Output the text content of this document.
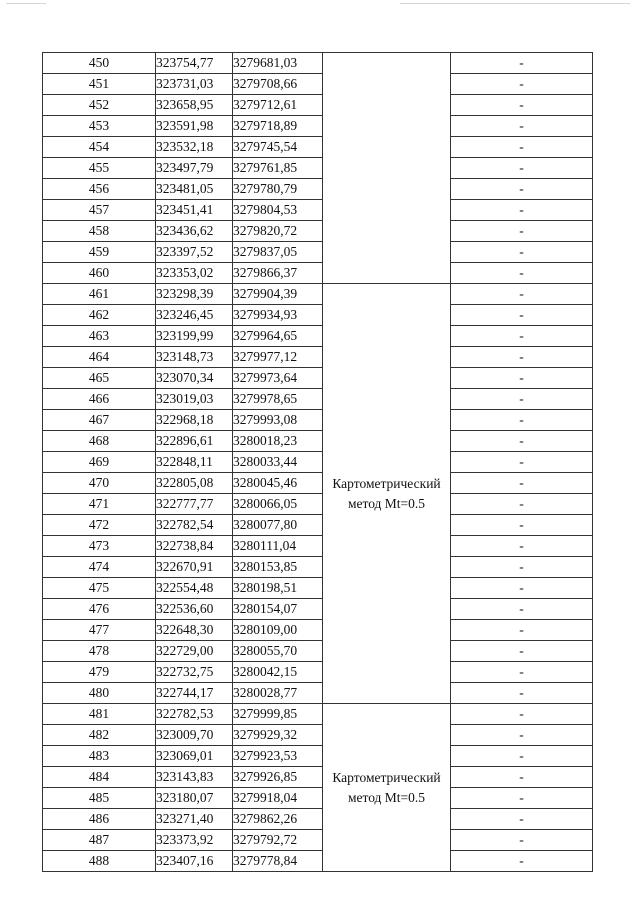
450	323754,77	3279681,03		-
451	323731,03	3279708,66		-
452	323658,95	3279712,61		-
453	323591,98	3279718,89		-
454	323532,18	3279745,54		-
455	323497,79	3279761,85		-
456	323481,05	3279780,79		-
457	323451,41	3279804,53		-
458	323436,62	3279820,72		-
459	323397,52	3279837,05		-
460	323353,02	3279866,37		-
461	323298,39	3279904,39	Картометрический метод Mt=0.5	-
462	323246,45	3279934,93		-
463	323199,99	3279964,65		-
464	323148,73	3279977,12		-
465	323070,34	3279973,64		-
466	323019,03	3279978,65		-
467	322968,18	3279993,08		-
468	322896,61	3280018,23		-
469	322848,11	3280033,44		-
470	322805,08	3280045,46		-
471	322777,77	3280066,05		-
472	322782,54	3280077,80		-
473	322738,84	3280111,04		-
474	322670,91	3280153,85		-
475	322554,48	3280198,51		-
476	322536,60	3280154,07		-
477	322648,30	3280109,00		-
478	322729,00	3280055,70		-
479	322732,75	3280042,15		-
480	322744,17	3280028,77		-
481	322782,53	3279999,85	Картометрический метод Mt=0.5	-
482	323009,70	3279929,32		-
483	323069,01	3279923,53		-
484	323143,83	3279926,85		-
485	323180,07	3279918,04		-
486	323271,40	3279862,26		-
487	323373,92	3279792,72		-
488	323407,16	3279778,84		-
